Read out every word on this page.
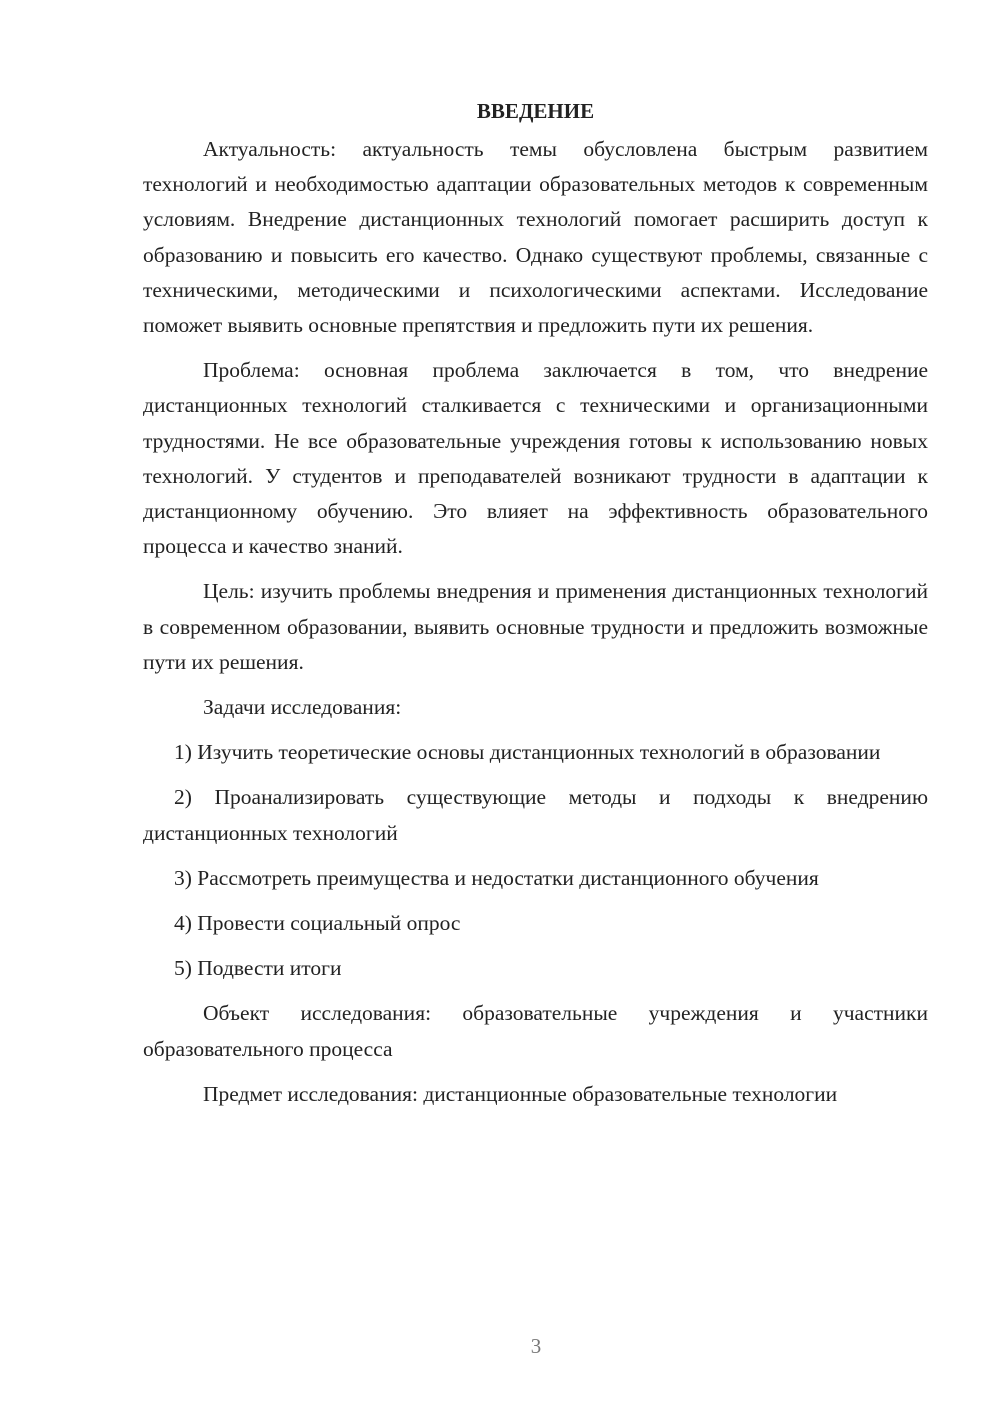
ВВЕДЕНИЕ

Актуальность: актуальность темы обусловлена быстрым развитием технологий и необходимостью адаптации образовательных методов к современным условиям. Внедрение дистанционных технологий помогает расширить доступ к образованию и повысить его качество. Однако существуют проблемы, связанные с техническими, методическими и психологическими аспектами. Исследование поможет выявить основные препятствия и предложить пути их решения.

Проблема: основная проблема заключается в том, что внедрение дистанционных технологий сталкивается с техническими и организационными трудностями. Не все образовательные учреждения готовы к использованию новых технологий. У студентов и преподавателей возникают трудности в адаптации к дистанционному обучению. Это влияет на эффективность образовательного процесса и качество знаний.

Цель: изучить проблемы внедрения и применения дистанционных технологий в современном образовании, выявить основные трудности и предложить возможные пути их решения.

Задачи исследования:

1) Изучить теоретические основы дистанционных технологий в образовании

2) Проанализировать существующие методы и подходы к внедрению дистанционных технологий

3) Рассмотреть преимущества и недостатки дистанционного обучения

4) Провести социальный опрос

5) Подвести итоги

Объект исследования: образовательные учреждения и участники образовательного процесса

Предмет исследования: дистанционные образовательные технологии

3
